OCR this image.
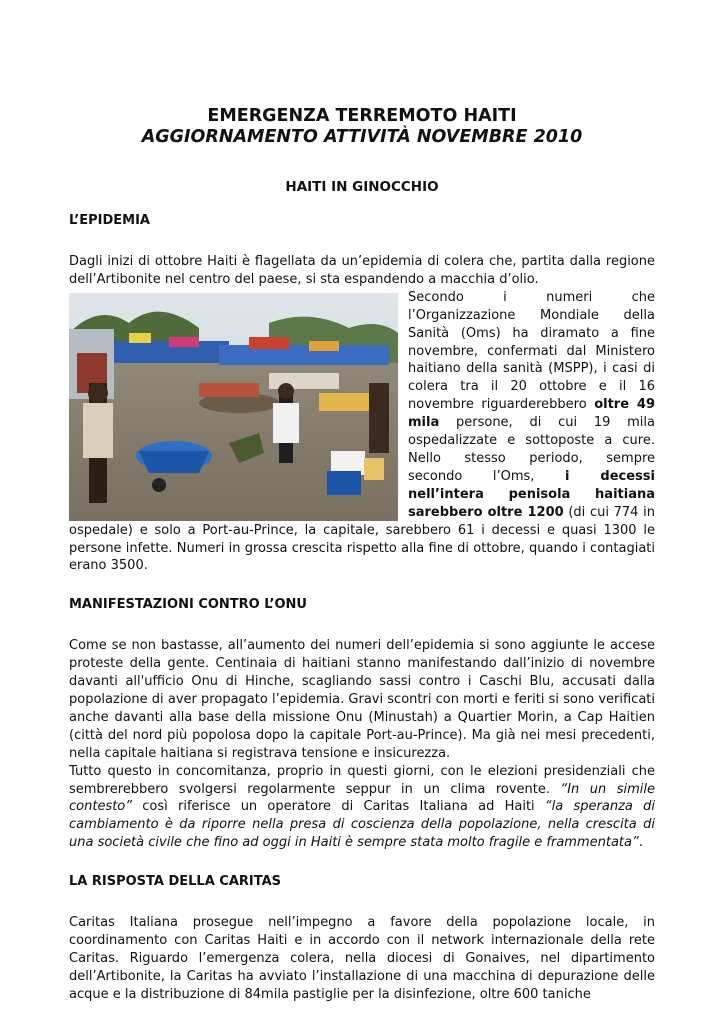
EMERGENZA TERREMOTO HAITI

AGGIORNAMENTO ATTIVITÀ NOVEMBRE 2010

HAITI IN GINOCCHIO

L’EPIDEMIA

Dagli inizi di ottobre Haiti è flagellata da un’epidemia di colera che, partita dalla regione dell’Artibonite nel centro del paese, si sta espandendo a macchia d’olio.

Secondo i numeri che l’Organizzazione Mondiale della Sanità (Oms) ha diramato a fine novembre, confermati dal Ministero haitiano della sanità (MSPP), i casi di colera tra il 20 ottobre e il 16 novembre riguarderebbero oltre 49 mila persone, di cui 19 mila ospedalizzate e sottoposte a cure. Nello stesso periodo, sempre secondo l’Oms, i decessi nell’intera penisola haitiana sarebbero oltre 1200 (di cui 774 in ospedale) e solo a Port-au-Prince, la capitale, sarebbero 61 i decessi e quasi 1300 le persone infette. Numeri in grossa crescita rispetto alla fine di ottobre, quando i contagiati erano 3500.

MANIFESTAZIONI CONTRO L’ONU

Come se non bastasse, all’aumento dei numeri dell’epidemia si sono aggiunte le accese proteste della gente. Centinaia di haitiani stanno manifestando dall’inizio di novembre davanti all'ufficio Onu di Hinche, scagliando sassi contro i Caschi Blu, accusati dalla popolazione di aver propagato l’epidemia. Gravi scontri con morti e feriti si sono verificati anche davanti alla base della missione Onu (Minustah) a Quartier Morin, a Cap Haitien (città del nord più popolosa dopo la capitale Port-au-Prince). Ma già nei mesi precedenti, nella capitale haitiana si registrava tensione e insicurezza.

Tutto questo in concomitanza, proprio in questi giorni, con le elezioni presidenziali che sembrerebbero svolgersi regolarmente seppur in un clima rovente. “In un simile contesto” così riferisce un operatore di Caritas Italiana ad Haiti “la speranza di cambiamento è da riporre nella presa di coscienza della popolazione, nella crescita di una società civile che fino ad oggi in Haiti è sempre stata molto fragile e frammentata”.

LA RISPOSTA DELLA CARITAS

Caritas Italiana prosegue nell’impegno a favore della popolazione locale, in coordinamento con Caritas Haiti e in accordo con il network internazionale della rete Caritas. Riguardo l’emergenza colera, nella diocesi di Gonaives, nel dipartimento dell’Artibonite, la Caritas ha avviato l’installazione di una macchina di depurazione delle acque e la distribuzione di 84mila pastiglie per la disinfezione, oltre 600 taniche
